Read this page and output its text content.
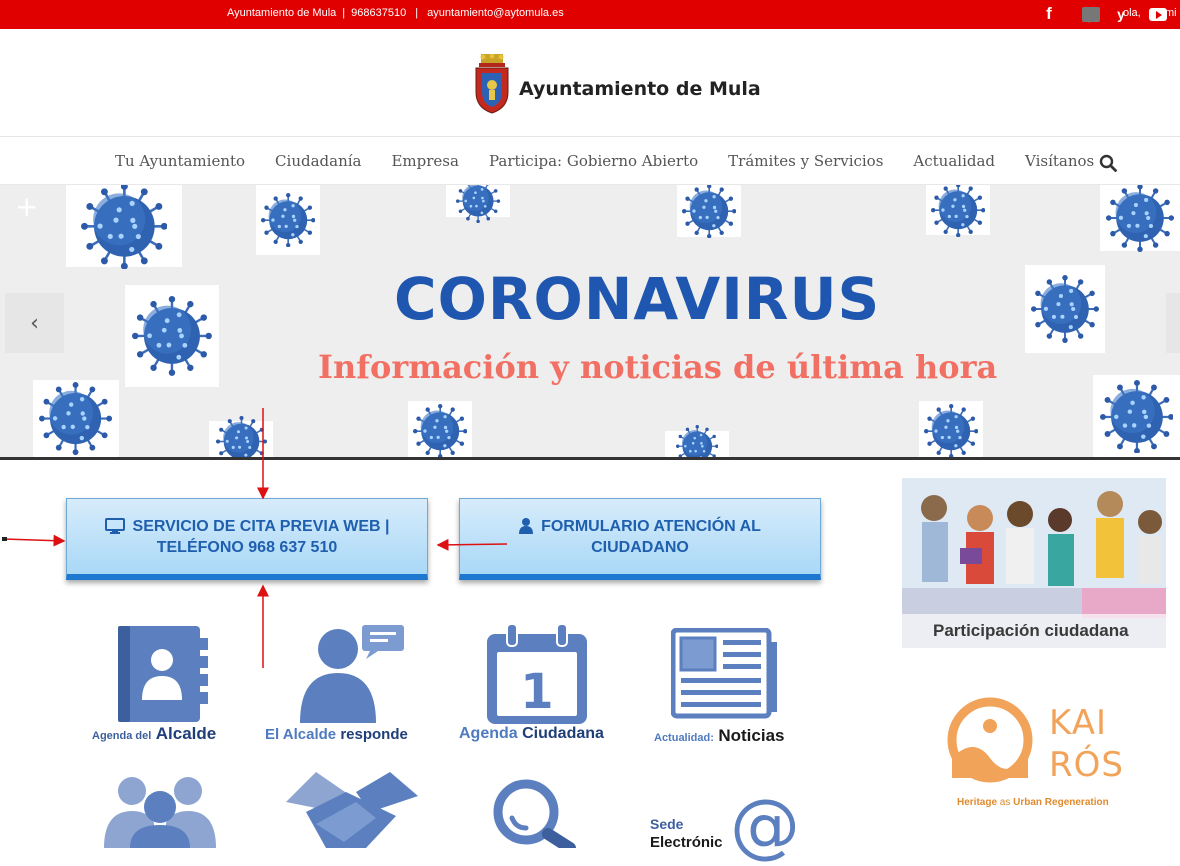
Ayuntamiento de Mula | 968637510 | ayuntamiento@aytomula.es	f	y
ola, mi
Ayuntamiento de Mula
Tu Ayuntamiento Ciudadanía Empresa Participa: Gobierno Abierto Trámites y Servicios Actualidad Visítanos
+
CORONAVIRUS
Información y noticias de última hora
‹
SERVICIO DE CITA PREVIA WEB |
TELÉFONO 968 637 510
FORMULARIO ATENCIÓN AL
CIUDADANO
Agenda del Alcalde	El Alcalde responde
1
Agenda Ciudadana	Actualidad: Noticias
Sede
Electrónic @
Participación ciudadana
KAI
RÓS
Heritage as Urban Regeneration
